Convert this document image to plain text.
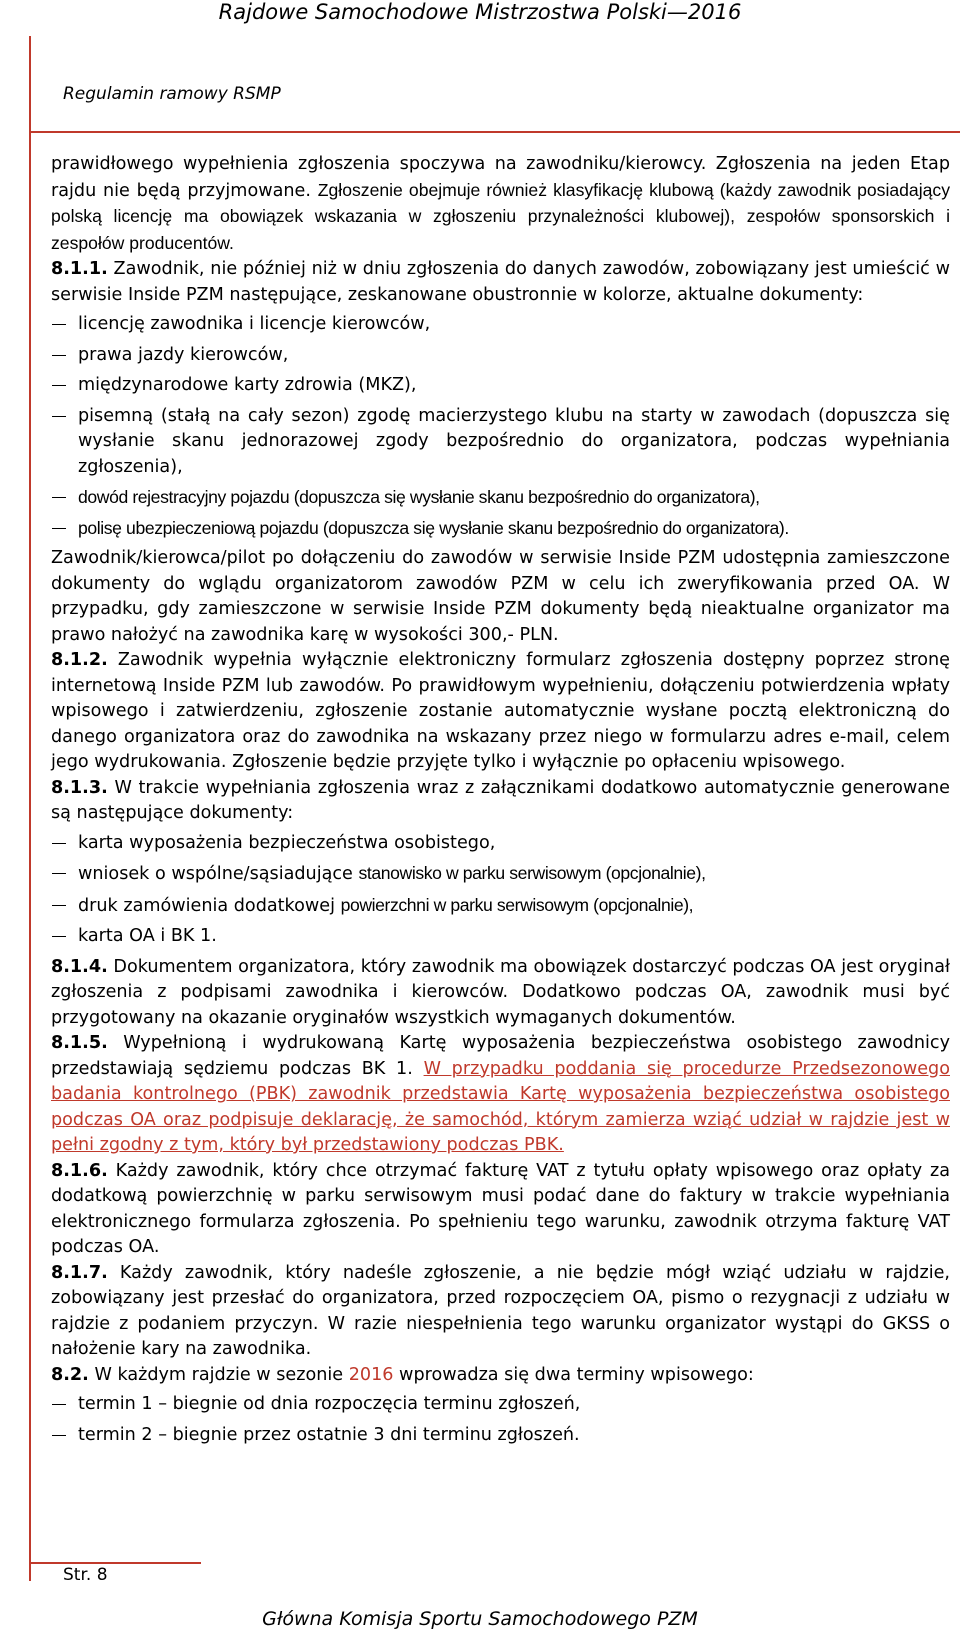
Rajdowe Samochodowe Mistrzostwa Polski—2016
Regulamin ramowy RSMP

prawidłowego wypełnienia zgłoszenia spoczywa na zawodniku/kierowcy. Zgłoszenia na jeden Etap rajdu nie będą przyjmowane. Zgłoszenie obejmuje również klasyfikację klubową (każdy zawodnik posiadający polską licencję ma obowiązek wskazania w zgłoszeniu przynależności klubowej), zespołów sponsorskich i zespołów producentów.

8.1.1. Zawodnik, nie później niż w dniu zgłoszenia do danych zawodów, zobowiązany jest umieścić w serwisie Inside PZM następujące, zeskanowane obustronnie w kolorze, aktualne dokumenty:

licencję zawodnika i licencje kierowców,
prawa jazdy kierowców,
międzynarodowe karty zdrowia (MKZ),
pisemną (stałą na cały sezon) zgodę macierzystego klubu na starty w zawodach (dopuszcza się wysłanie skanu jednorazowej zgody bezpośrednio do organizatora, podczas wypełniania zgłoszenia),
dowód rejestracyjny pojazdu (dopuszcza się wysłanie skanu bezpośrednio do organizatora),
polisę ubezpieczeniową pojazdu (dopuszcza się wysłanie skanu bezpośrednio do organizatora).

Zawodnik/kierowca/pilot po dołączeniu do zawodów w serwisie Inside PZM udostępnia zamieszczone dokumenty do wglądu organizatorom zawodów PZM w celu ich zweryfikowania przed OA. W przypadku, gdy zamieszczone w serwisie Inside PZM dokumenty będą nieaktualne organizator ma prawo nałożyć na zawodnika karę w wysokości 300,- PLN.

8.1.2. Zawodnik wypełnia wyłącznie elektroniczny formularz zgłoszenia dostępny poprzez stronę internetową Inside PZM lub zawodów. Po prawidłowym wypełnieniu, dołączeniu potwierdzenia wpłaty wpisowego i zatwierdzeniu, zgłoszenie zostanie automatycznie wysłane pocztą elektroniczną do danego organizatora oraz do zawodnika na wskazany przez niego w formularzu adres e-mail, celem jego wydrukowania. Zgłoszenie będzie przyjęte tylko i wyłącznie po opłaceniu wpisowego.

8.1.3. W trakcie wypełniania zgłoszenia wraz z załącznikami dodatkowo automatycznie generowane są następujące dokumenty:

karta wyposażenia bezpieczeństwa osobistego,
wniosek o wspólne/sąsiadujące stanowisko w parku serwisowym (opcjonalnie),
druk zamówienia dodatkowej powierzchni w parku serwisowym (opcjonalnie),
karta OA i BK 1.

8.1.4. Dokumentem organizatora, który zawodnik ma obowiązek dostarczyć podczas OA jest oryginał zgłoszenia z podpisami zawodnika i kierowców. Dodatkowo podczas OA, zawodnik musi być przygotowany na okazanie oryginałów wszystkich wymaganych dokumentów.

8.1.5. Wypełnioną i wydrukowaną Kartę wyposażenia bezpieczeństwa osobistego zawodnicy przedstawiają sędziemu podczas BK 1. W przypadku poddania się procedurze Przedsezonowego badania kontrolnego (PBK) zawodnik przedstawia Kartę wyposażenia bezpieczeństwa osobistego podczas OA oraz podpisuje deklarację, że samochód, którym zamierza wziąć udział w rajdzie jest w pełni zgodny z tym, który był przedstawiony podczas PBK.

8.1.6. Każdy zawodnik, który chce otrzymać fakturę VAT z tytułu opłaty wpisowego oraz opłaty za dodatkową powierzchnię w parku serwisowym musi podać dane do faktury w trakcie wypełniania elektronicznego formularza zgłoszenia. Po spełnieniu tego warunku, zawodnik otrzyma fakturę VAT podczas OA.

8.1.7. Każdy zawodnik, który nadeśle zgłoszenie, a nie będzie mógł wziąć udziału w rajdzie, zobowiązany jest przesłać do organizatora, przed rozpoczęciem OA, pismo o rezygnacji z udziału w rajdzie z podaniem przyczyn. W razie niespełnienia tego warunku organizator wystąpi do GKSS o nałożenie kary na zawodnika.

8.2. W każdym rajdzie w sezonie 2016 wprowadza się dwa terminy wpisowego:

termin 1 – biegnie od dnia rozpoczęcia terminu zgłoszeń,
termin 2 – biegnie przez ostatnie 3 dni terminu zgłoszeń.
Str. 8
Główna Komisja Sportu Samochodowego PZM
